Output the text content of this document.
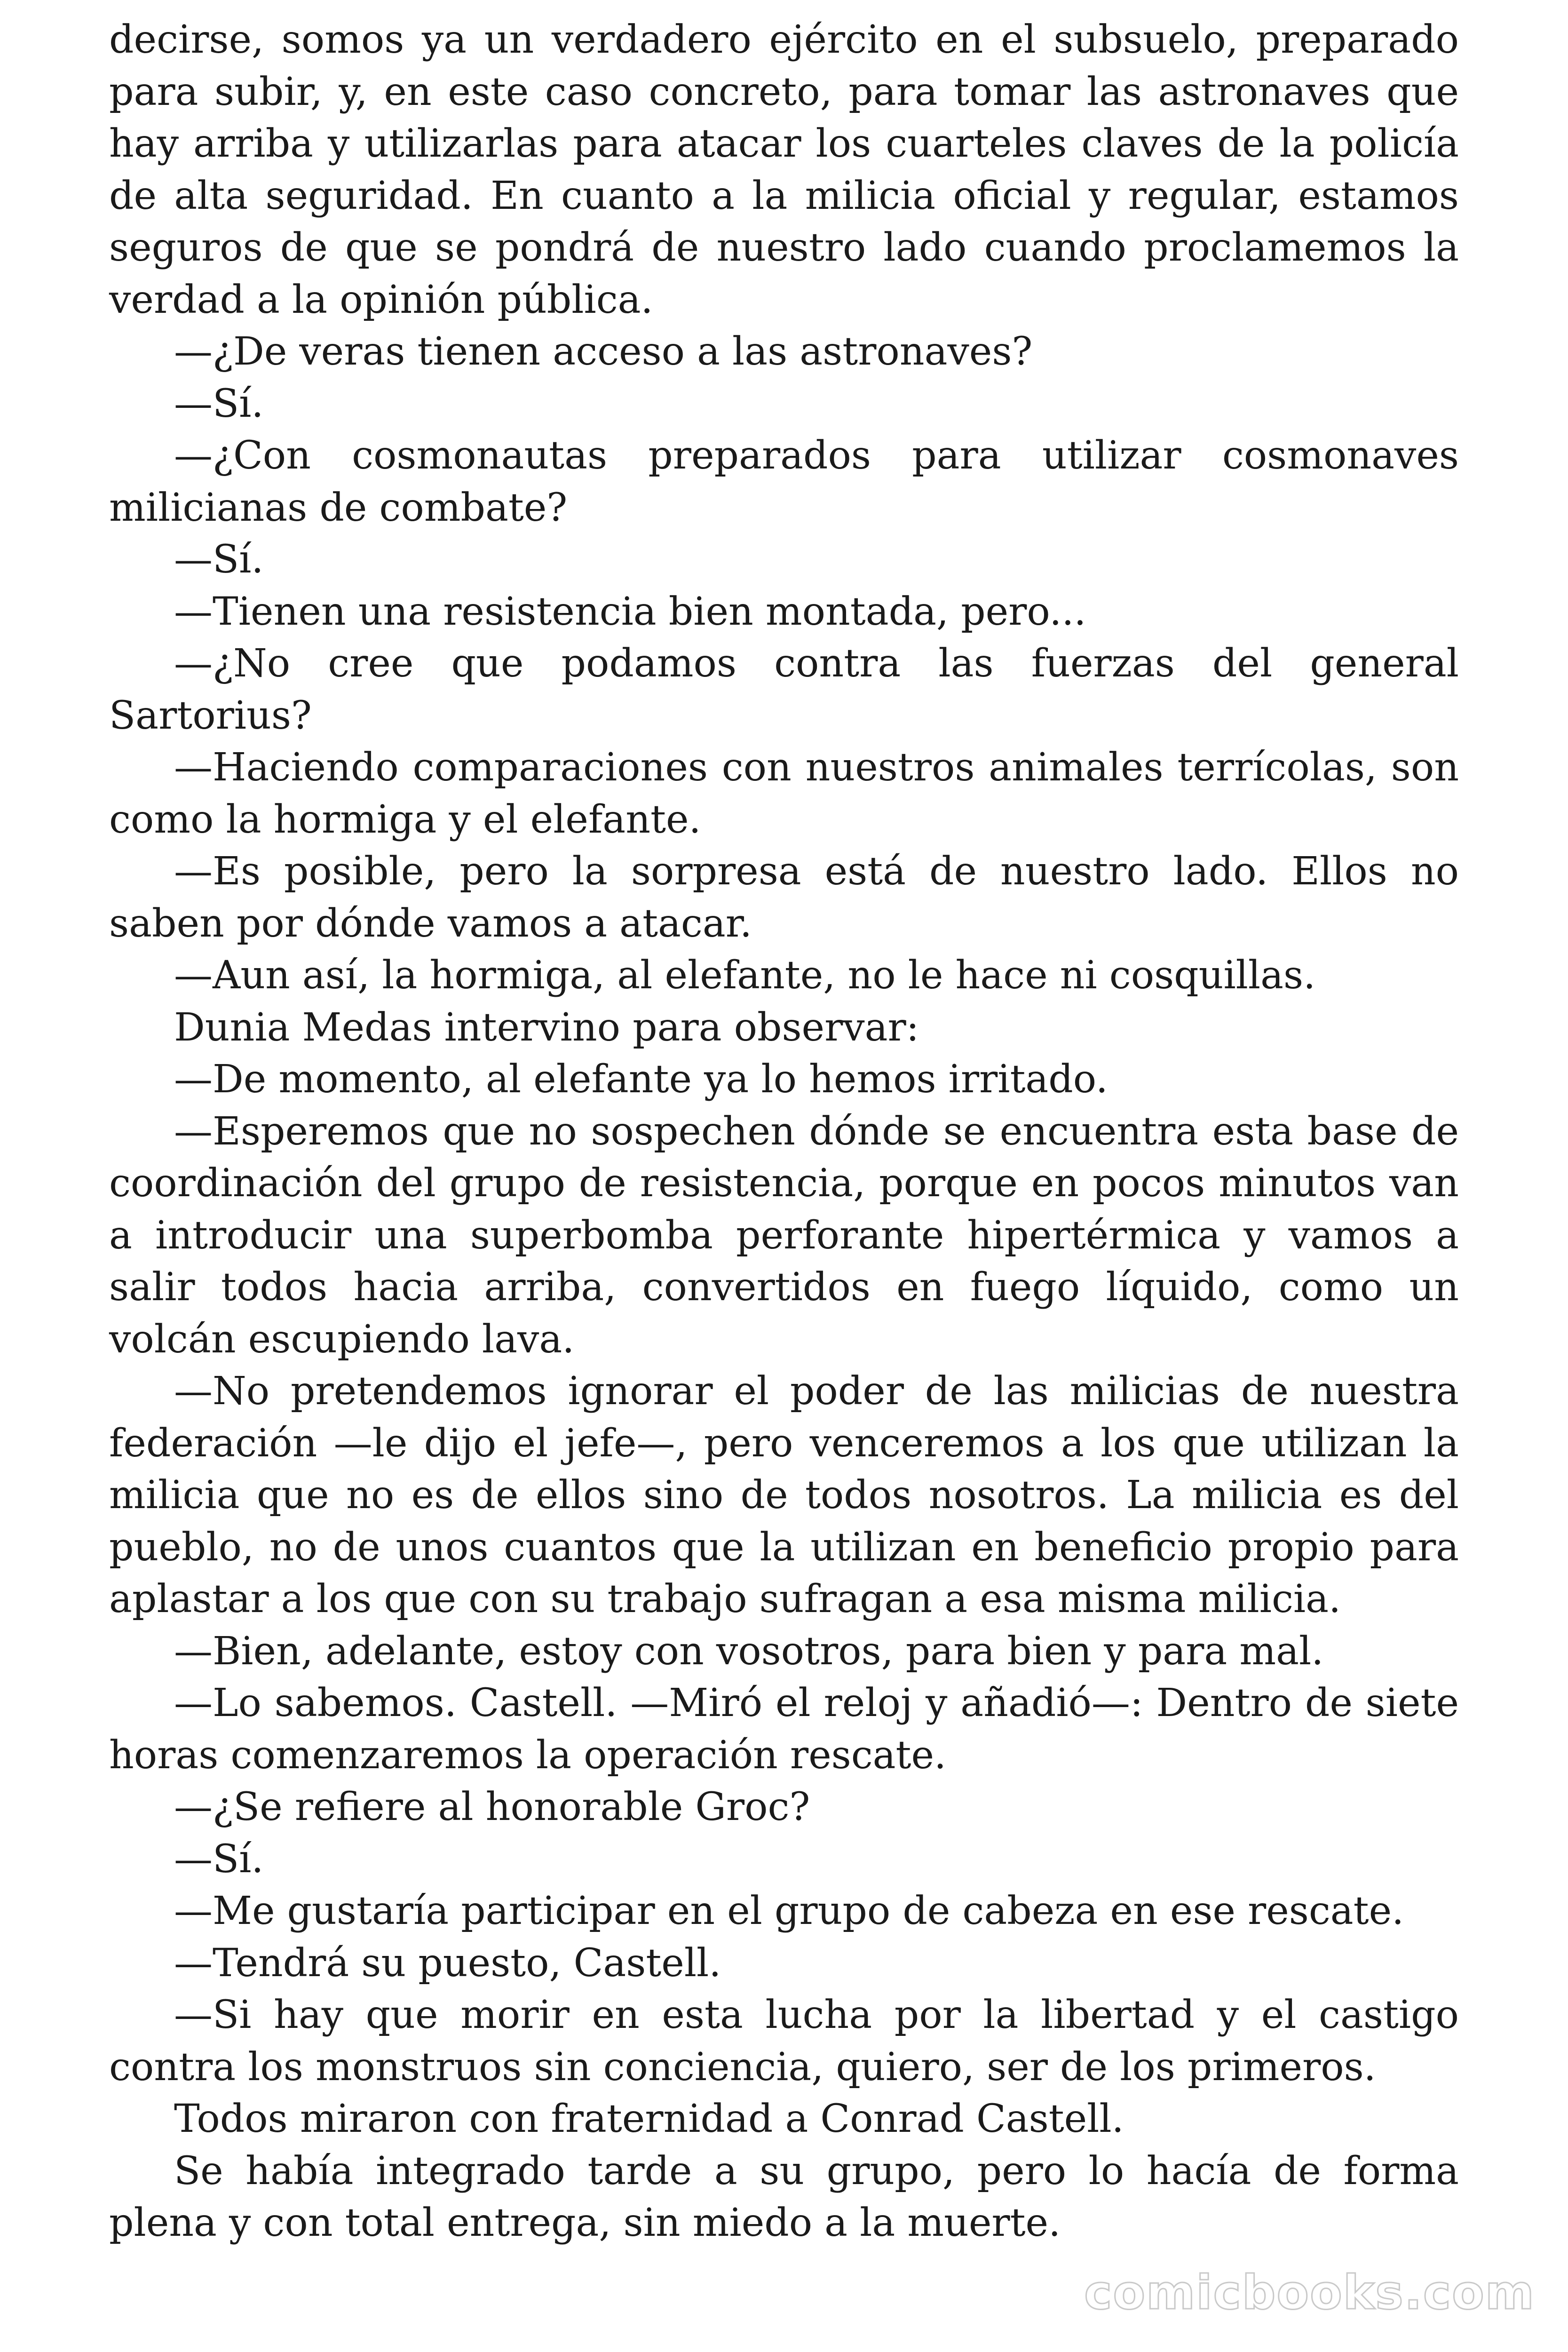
decirse, somos ya un verdadero ejército en el subsuelo, preparado para subir, y, en este caso concreto, para tomar las astronaves que hay arriba y utilizarlas para atacar los cuarteles claves de la policía de alta seguridad. En cuanto a la milicia oficial y regular, estamos seguros de que se pondrá de nuestro lado cuando proclamemos la verdad a la opinión pública.

—¿De veras tienen acceso a las astronaves?

—Sí.

—¿Con cosmonautas preparados para utilizar cosmonaves milicianas de combate?

—Sí.

—Tienen una resistencia bien montada, pero...

—¿No cree que podamos contra las fuerzas del general Sartorius?

—Haciendo comparaciones con nuestros animales terrícolas, son como la hormiga y el elefante.

—Es posible, pero la sorpresa está de nuestro lado. Ellos no saben por dónde vamos a atacar.

—Aun así, la hormiga, al elefante, no le hace ni cosquillas.

Dunia Medas intervino para observar:

—De momento, al elefante ya lo hemos irritado.

—Esperemos que no sospechen dónde se encuentra esta base de coordinación del grupo de resistencia, porque en pocos minutos van a introducir una superbomba perforante hipertérmica y vamos a salir todos hacia arriba, convertidos en fuego líquido, como un volcán escupiendo lava.

—No pretendemos ignorar el poder de las milicias de nuestra federación —le dijo el jefe—, pero venceremos a los que utilizan la milicia que no es de ellos sino de todos nosotros. La milicia es del pueblo, no de unos cuantos que la utilizan en beneficio propio para aplastar a los que con su trabajo sufragan a esa misma milicia.

—Bien, adelante, estoy con vosotros, para bien y para mal.

—Lo sabemos. Castell. —Miró el reloj y añadió—: Dentro de siete horas comenzaremos la operación rescate.

—¿Se refiere al honorable Groc?

—Sí.

—Me gustaría participar en el grupo de cabeza en ese rescate.

—Tendrá su puesto, Castell.

—Si hay que morir en esta lucha por la libertad y el castigo contra los monstruos sin conciencia, quiero, ser de los primeros.

Todos miraron con fraternidad a Conrad Castell.

Se había integrado tarde a su grupo, pero lo hacía de forma plena y con total entrega, sin miedo a la muerte.

comicbooks.com
